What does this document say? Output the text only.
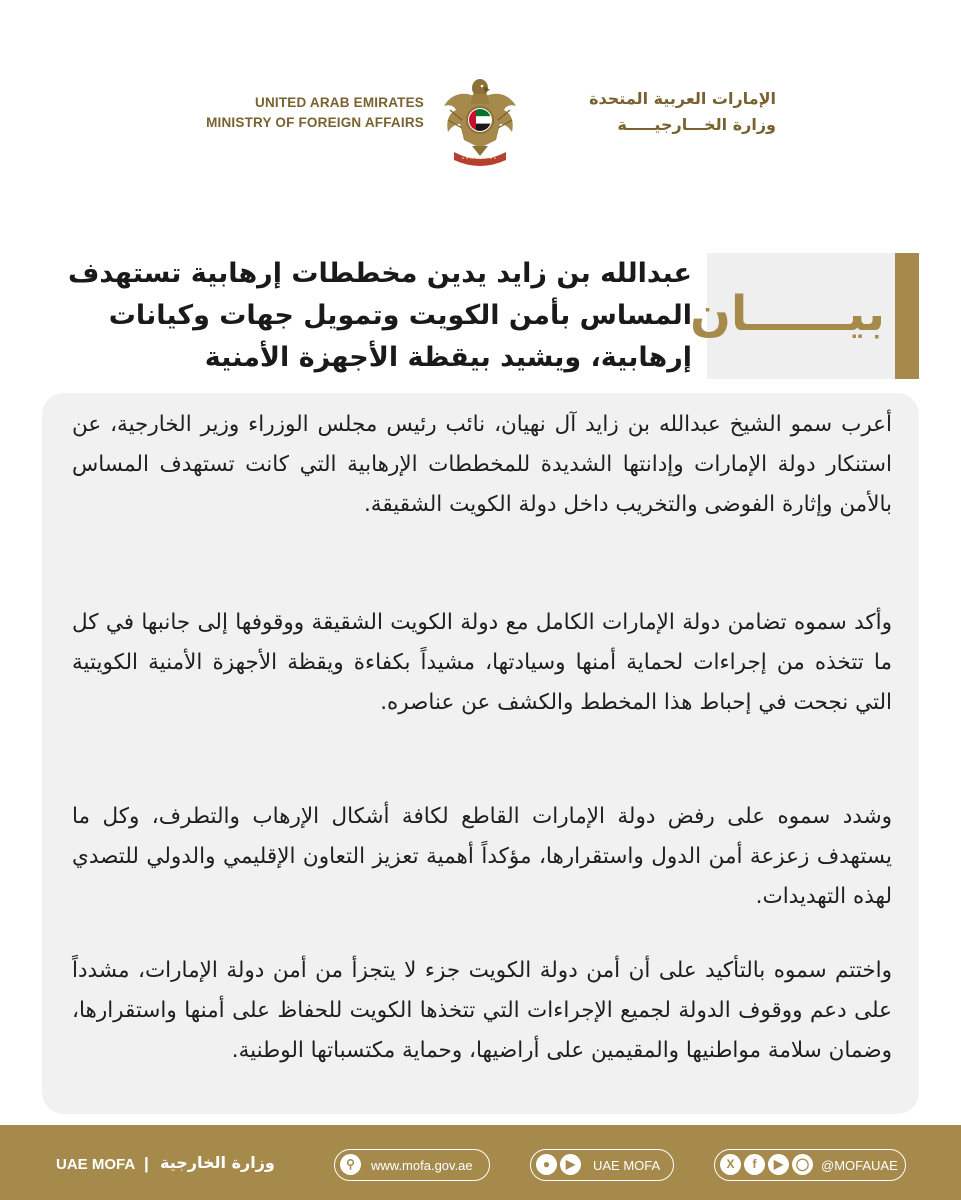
UNITED ARAB EMIRATES
MINISTRY OF FOREIGN AFFAIRS
الإمارات العربية المتحدة
وزارة الخـــارجيـــــة
عبدالله بن زايد يدين مخططات إرهابية تستهدف المساس بأمن الكويت وتمويل جهات وكيانات إرهابية، ويشيد بيقظة الأجهزة الأمنية
بيــــــان

أعرب سمو الشيخ عبدالله بن زايد آل نهيان، نائب رئيس مجلس الوزراء وزير الخارجية، عن استنكار دولة الإمارات وإدانتها الشديدة للمخططات الإرهابية التي كانت تستهدف المساس بالأمن وإثارة الفوضى والتخريب داخل دولة الكويت الشقيقة.

وأكد سموه تضامن دولة الإمارات الكامل مع دولة الكويت الشقيقة ووقوفها إلى جانبها في كل ما تتخذه من إجراءات لحماية أمنها وسيادتها، مشيداً بكفاءة ويقظة الأجهزة الأمنية الكويتية التي نجحت في إحباط هذا المخطط والكشف عن عناصره.

وشدد سموه على رفض دولة الإمارات القاطع لكافة أشكال الإرهاب والتطرف، وكل ما يستهدف زعزعة أمن الدول واستقرارها، مؤكداً أهمية تعزيز التعاون الإقليمي والدولي للتصدي لهذه التهديدات.

واختتم سموه بالتأكيد على أن أمن دولة الكويت جزء لا يتجزأ من أمن دولة الإمارات، مشدداً على دعم ووقوف الدولة لجميع الإجراءات التي تتخذها الكويت للحفاظ على أمنها واستقرارها، وضمان سلامة مواطنيها والمقيمين على أراضيها، وحماية مكتسباتها الوطنية.

UAE MOFA | وزارة الخارجية	⚲	www.mofa.gov.ae	●	▶	UAE MOFA	X	f	▶	◯ @MOFAUAE
